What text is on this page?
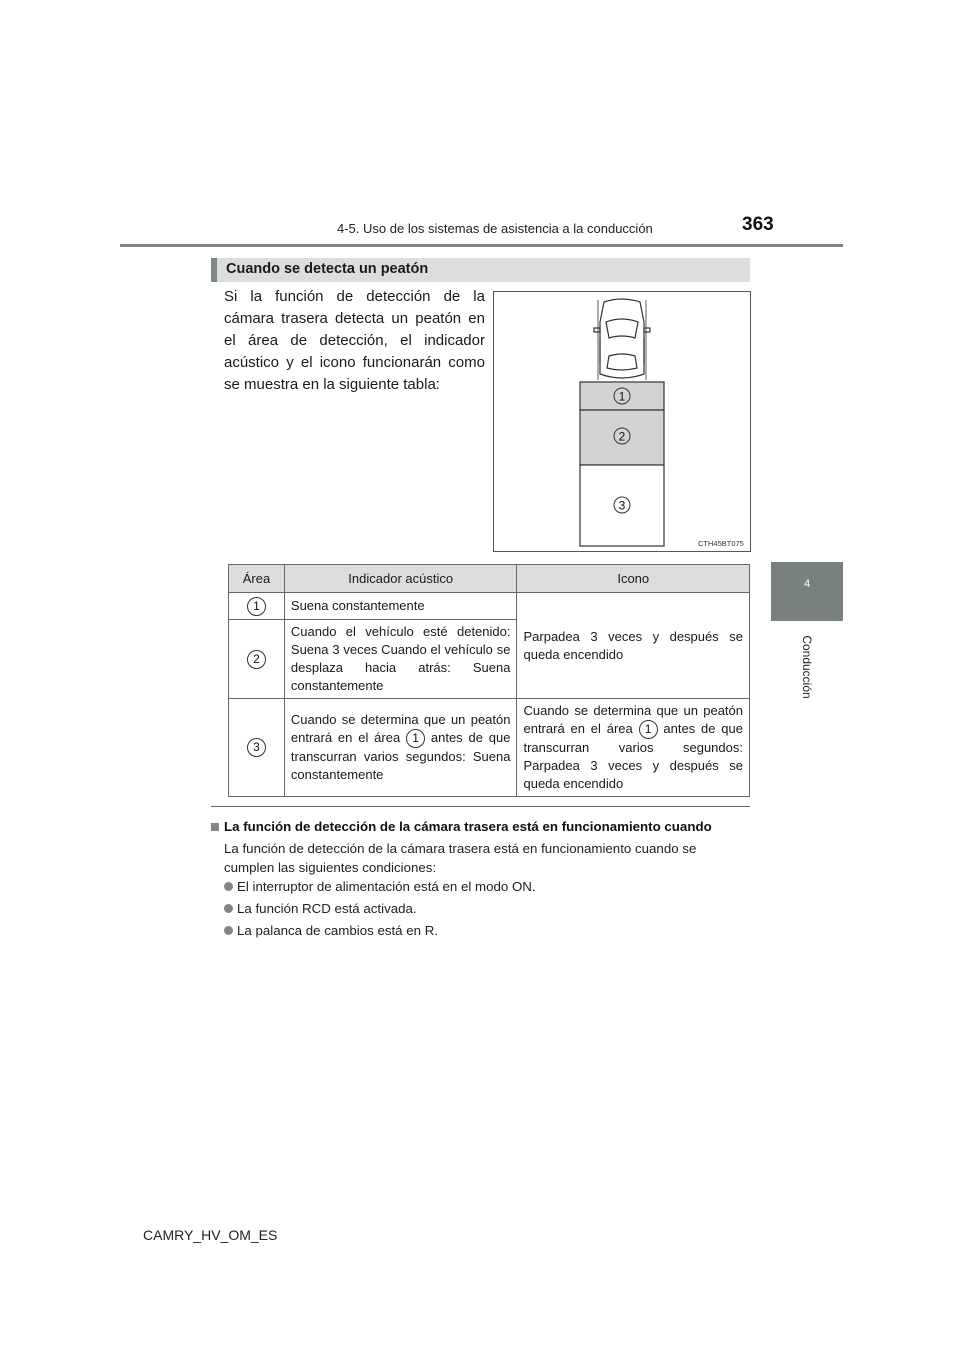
4-5. Uso de los sistemas de asistencia a la conducción	363
4
Conducción
Cuando se detecta un peatón
Si la función de detección de la cámara trasera detecta un peatón en el área de detección, el indicador acústico y el icono funcionarán como se muestra en la siguiente tabla:
1
2
3
CTH45BT075
Área	Indicador acústico	Icono
1	Suena constantemente	Parpadea 3 veces y después se queda encendido
2	Cuando el vehículo esté detenido: Suena 3 veces Cuando el vehículo se desplaza hacia atrás: Suena constantemente	
3	Cuando se determina que un peatón entrará en el área 1 antes de que transcurran varios segundos: Suena constantemente	Cuando se determina que un peatón entrará en el área 1 antes de que transcurran varios segundos: Parpadea 3 veces y después se queda encendido
La función de detección de la cámara trasera está en funcionamiento cuando
La función de detección de la cámara trasera está en funcionamiento cuando se cumplen las siguientes condiciones:
El interruptor de alimentación está en el modo ON.
La función RCD está activada.
La palanca de cambios está en R.
CAMRY_HV_OM_ES
